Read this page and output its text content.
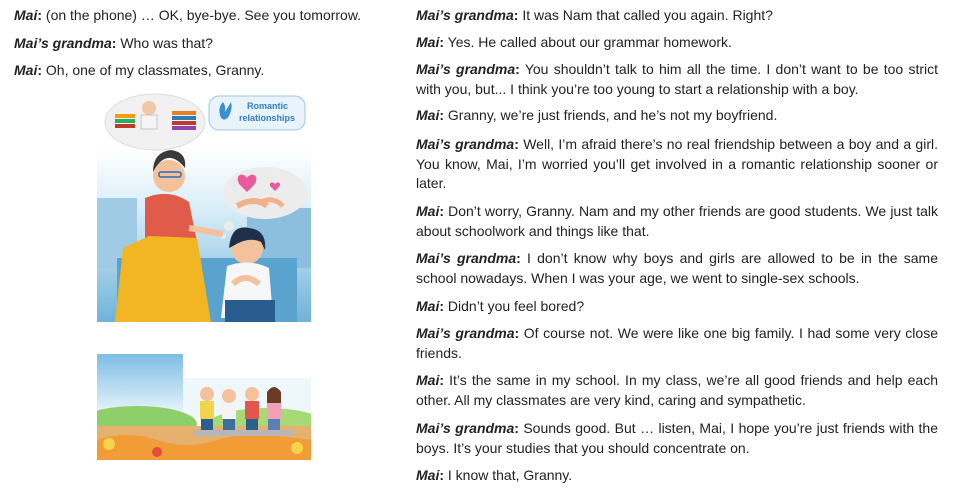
Mai: (on the phone) … OK, bye-bye. See you tomorrow.

Mai’s grandma: Who was that?

Mai: Oh, one of my classmates, Granny.

Romantic
relationships

Mai’s grandma: It was Nam that called you again. Right?

Mai: Yes. He called about our grammar homework.

Mai’s grandma: You shouldn’t talk to him all the time. I don’t want to be too strict with you, but... I think you’re too young to start a relationship with a boy.

Mai: Granny, we’re just friends, and he’s not my boyfriend.

Mai’s grandma: Well, I’m afraid there’s no real friendship between a boy and a girl. You know, Mai, I’m worried you’ll get involved in a romantic relationship sooner or later.

Mai: Don’t worry, Granny. Nam and my other friends are good students. We just talk about schoolwork and things like that.

Mai’s grandma: I don’t know why boys and girls are allowed to be in the same school nowadays. When I was your age, we went to single-sex schools.

Mai: Didn’t you feel bored?

Mai’s grandma: Of course not. We were like one big family. I had some very close friends.

Mai: It’s the same in my school. In my class, we’re all good friends and help each other. All my classmates are very kind, caring and sympathetic.

Mai’s grandma: Sounds good. But … listen, Mai, I hope you’re just friends with the boys. It’s your studies that you should concentrate on.

Mai: I know that, Granny.
